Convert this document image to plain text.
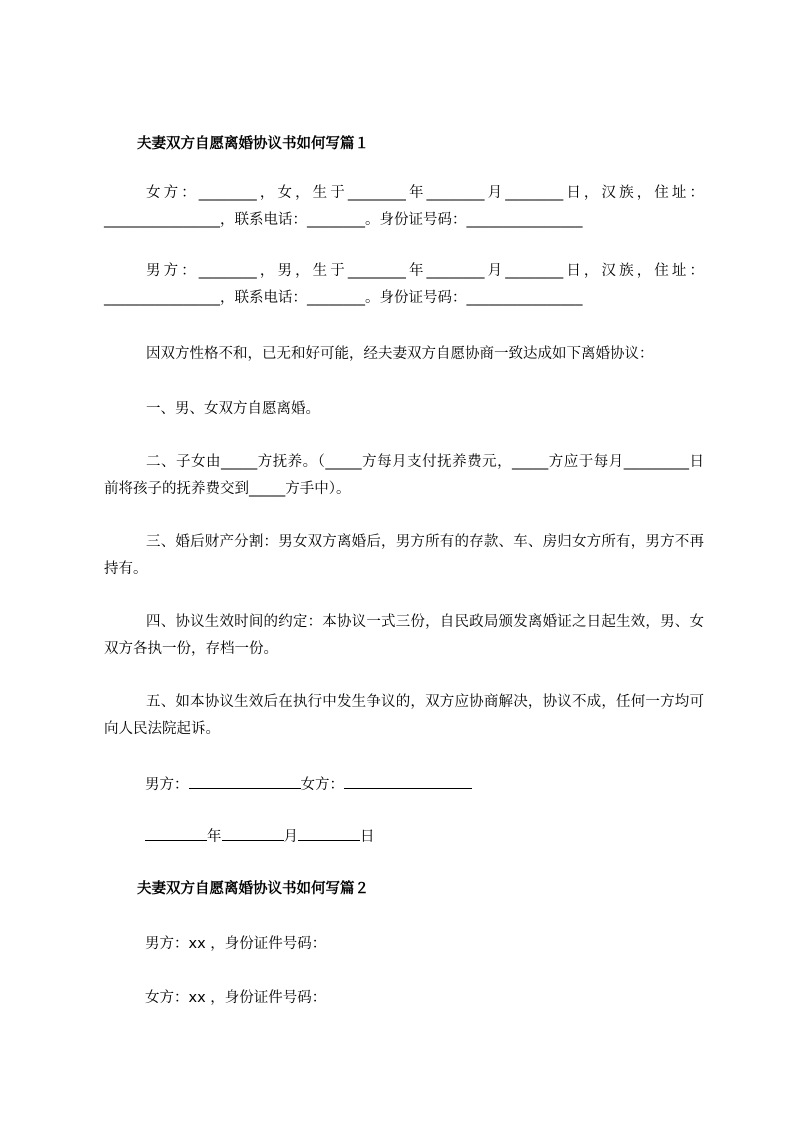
夫妻双方自愿离婚协议书如何写篇１
女方：________，女，生于________年________月________日，汉族，住址：________________，联系电话：________。身份证号码：________________
男方：________，男，生于________年________月________日，汉族，住址：________________，联系电话：________。身份证号码：________________
因双方性格不和，已无和好可能，经夫妻双方自愿协商一致达成如下离婚协议：
一、男、女双方自愿离婚。
二、子女由_____方抚养。（_____方每月支付抚养费元，_____方应于每月_________日前将孩子的抚养费交到_____方手中）。
三、婚后财产分割：男女双方离婚后，男方所有的存款、车、房归女方所有，男方不再持有。
四、协议生效时间的约定：本协议一式三份，自民政局颁发离婚证之日起生效，男、女双方各执一份，存档一份。
五、如本协议生效后在执行中发生争议的，双方应协商解决，协议不成，任何一方均可向人民法院起诉。
男方：	女方：
年	月	日
夫妻双方自愿离婚协议书如何写篇２
男方：xx ，身份证件号码：
女方：xx ，身份证件号码：
